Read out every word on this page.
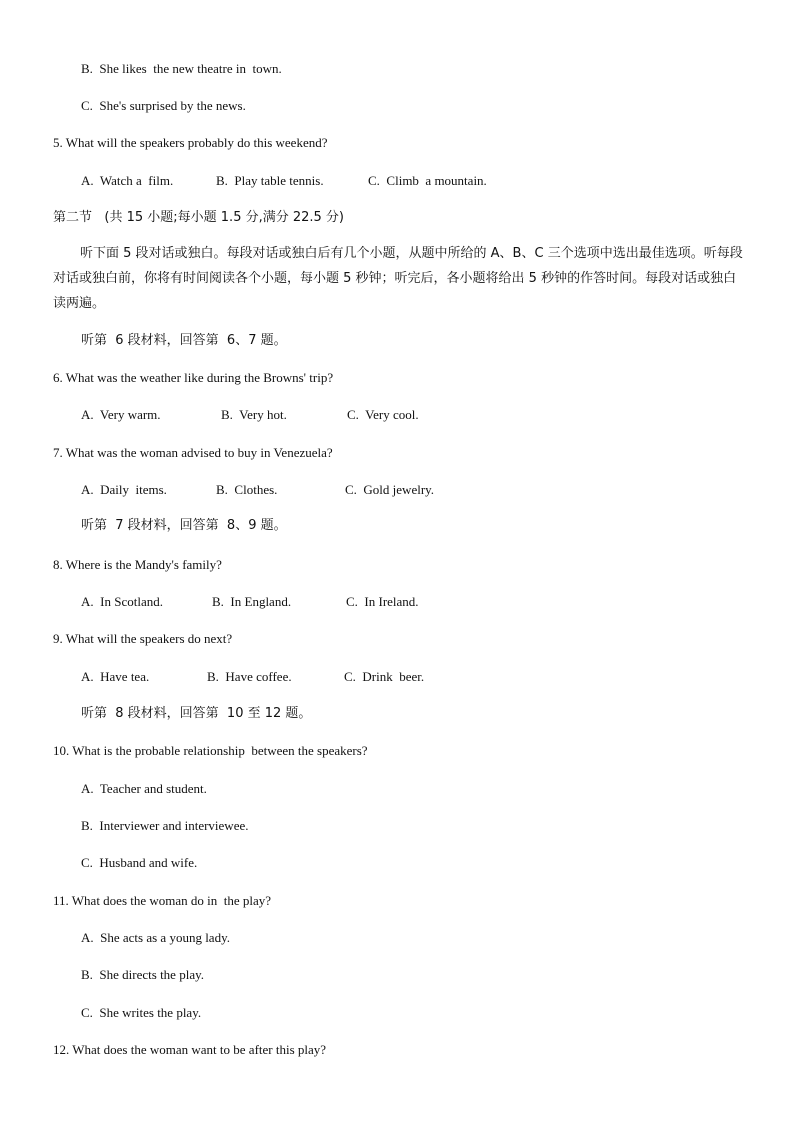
B.  She likes  the new theatre in  town.
C.  She's surprised by the news.
5. What will the speakers probably do this weekend?
A.  Watch a  film.	B.  Play table tennis.	C.  Climb  a mountain.
第二节   (共 15 小题;每小题 1.5 分,满分 22.5 分)
听下面 5 段对话或独白。每段对话或独白后有几个小题，从题中所给的 A、B、C 三个选项中选出最佳选项。听每段对话或独白前，你将有时间阅读各个小题，每小题 5 秒钟；听完后，各小题将给出 5 秒钟的作答时间。每段对话或独白读两遍。
听第  6 段材料，回答第  6、7 题。
6. What was the weather like during the Browns' trip?
A.  Very warm.	B.  Very hot.	C.  Very cool.
7. What was the woman advised to buy in Venezuela?
A.  Daily  items.	B.  Clothes.	C.  Gold jewelry.
听第  7 段材料，回答第  8、9 题。
8. Where is the Mandy's family?
A.  In Scotland.	B.  In England.	C.  In Ireland.
9. What will the speakers do next?
A.  Have tea.	B.  Have coffee.	C.  Drink  beer.
听第  8 段材料，回答第  10 至 12 题。
10. What is the probable relationship  between the speakers?
A.  Teacher and student.
B.  Interviewer and interviewee.
C.  Husband and wife.
11. What does the woman do in  the play?
A.  She acts as a young lady.
B.  She directs the play.
C.  She writes the play.
12. What does the woman want to be after this play?
